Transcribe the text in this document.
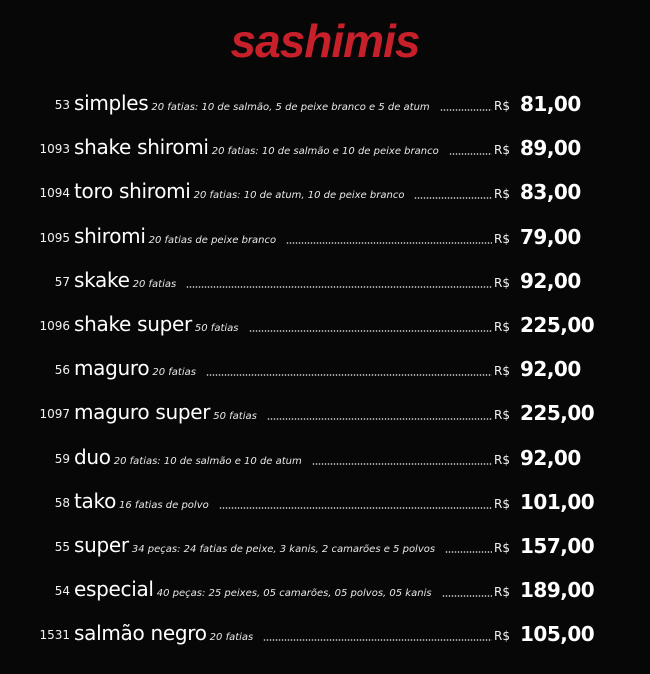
sashimis
53 simples 20 fatias: 10 de salmão, 5 de peixe branco e 5 de atum	R$ 81,00
1093 shake shiromi 20 fatias: 10 de salmão e 10 de peixe branco	R$ 89,00
1094 toro shiromi 20 fatias: 10 de atum, 10 de peixe branco	R$ 83,00
1095 shiromi 20 fatias de peixe branco	R$ 79,00
57 skake 20 fatias	R$ 92,00
1096 shake super 50 fatias	R$ 225,00
56 maguro 20 fatias	R$ 92,00
1097 maguro super 50 fatias	R$ 225,00
59 duo 20 fatias: 10 de salmão e 10 de atum	R$ 92,00
58 tako 16 fatias de polvo	R$ 101,00
55 super 34 peças: 24 fatias de peixe, 3 kanis, 2 camarões e 5 polvos	R$ 157,00
54 especial 40 peças: 25 peixes, 05 camarões, 05 polvos, 05 kanis	R$ 189,00
1531 salmão negro 20 fatias	R$ 105,00
